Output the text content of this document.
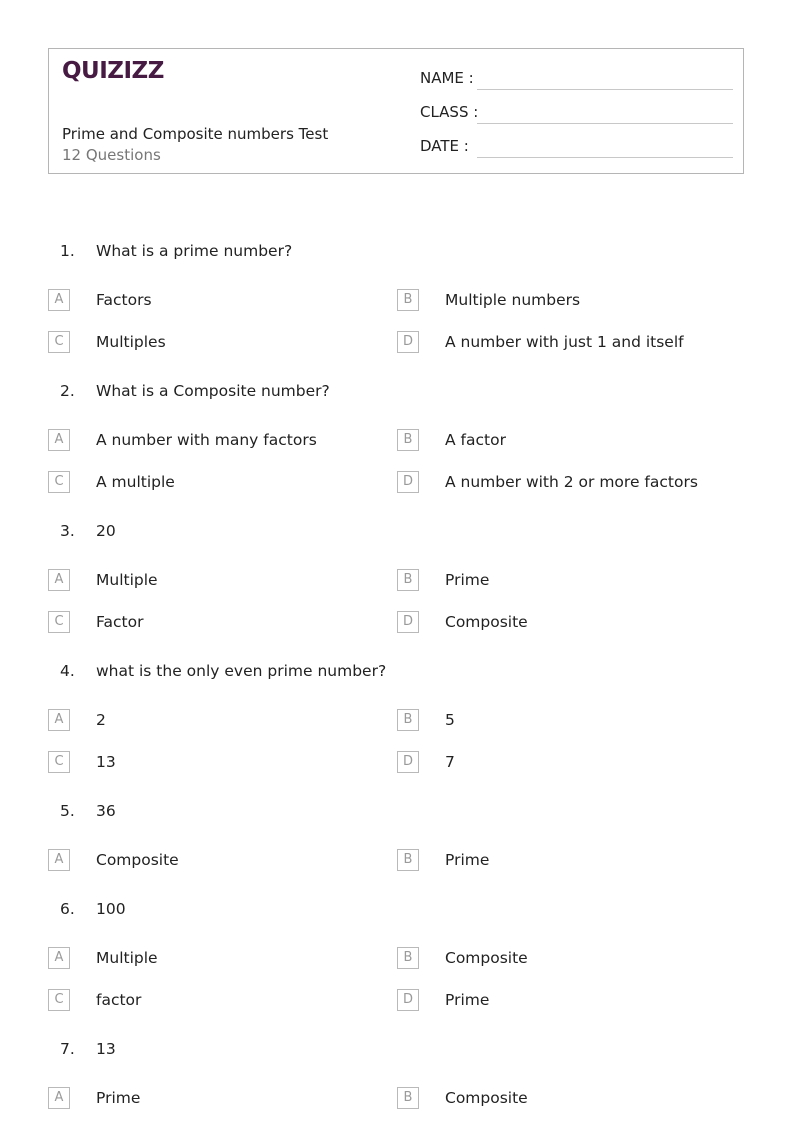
QUIZIZZ
Prime and Composite numbers Test
12 Questions
NAME :
CLASS :
DATE :
1. What is a prime number?
A	Factors	B	Multiple numbers
C	Multiples	D	A number with just 1 and itself
2. What is a Composite number?
A	A number with many factors	B	A factor
C	A multiple	D	A number with 2 or more factors
3. 20
A	Multiple	B	Prime
C	Factor	D	Composite
4. what is the only even prime number?
A	2	B	5
C	13	D	7
5. 36
A	Composite	B	Prime
6. 100
A	Multiple	B	Composite
C	factor	D	Prime
7. 13
A	Prime	B	Composite
